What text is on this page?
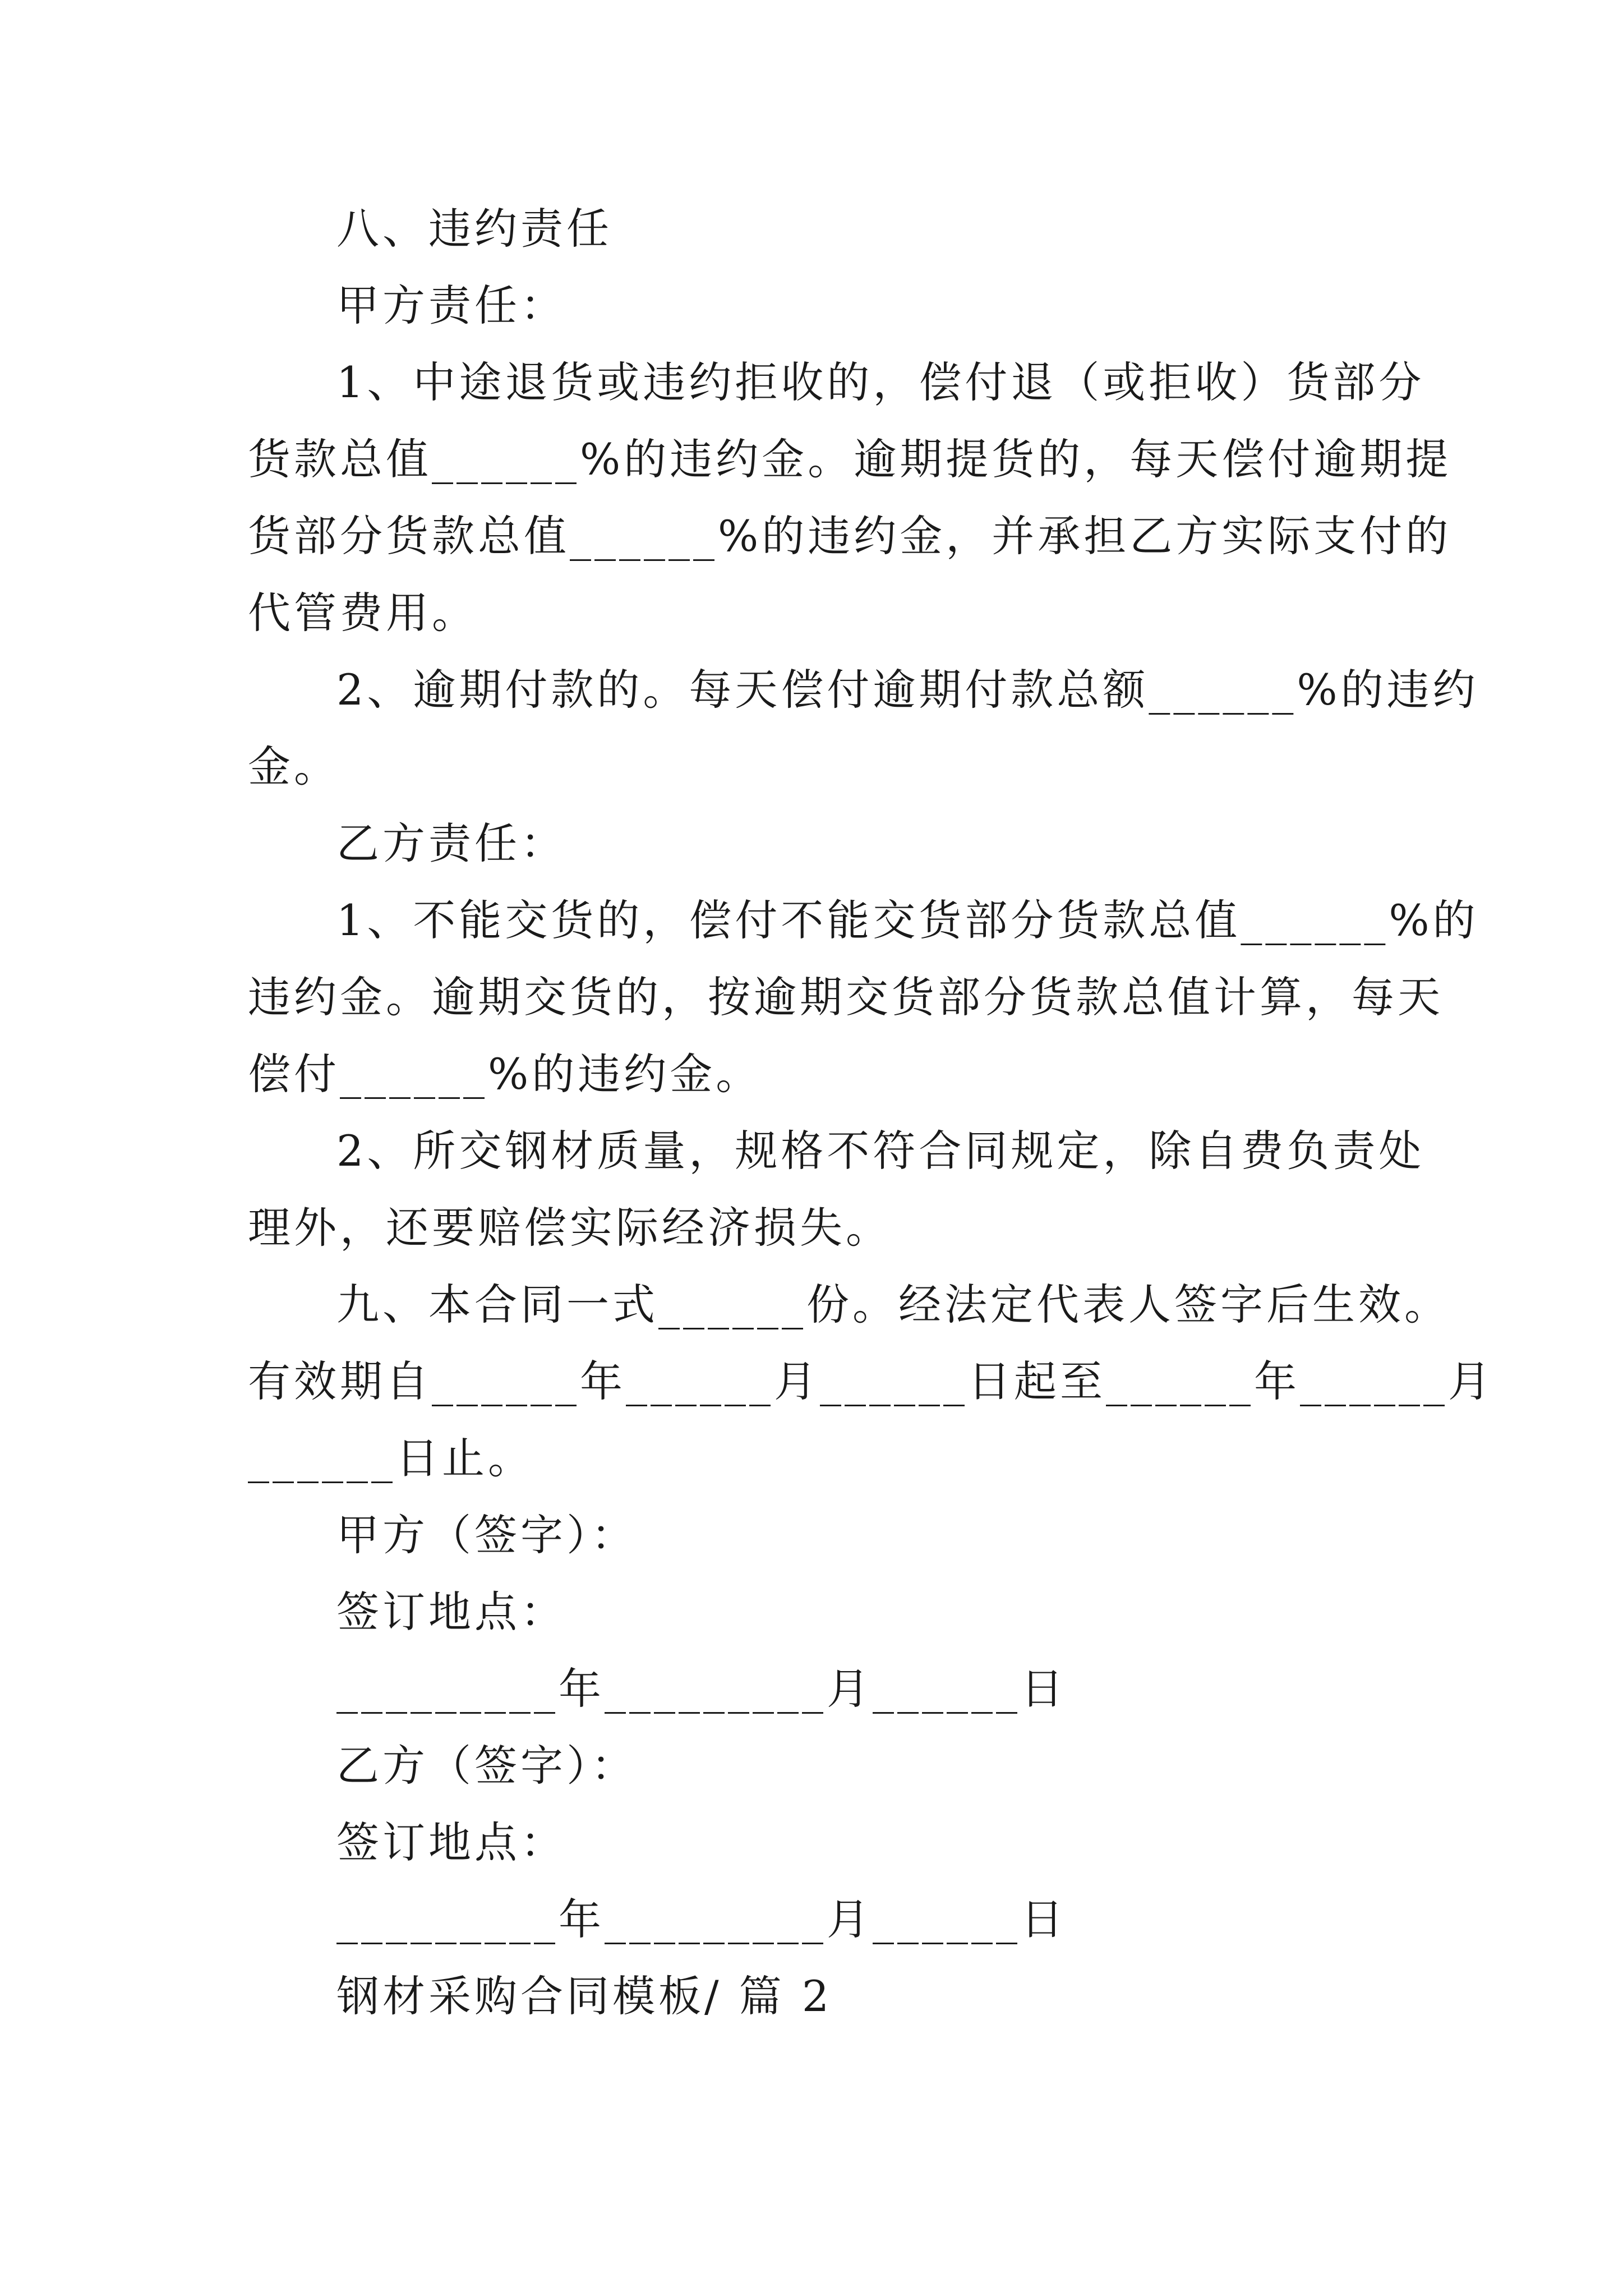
八、违约责任
甲方责任：
1、中途退货或违约拒收的，偿付退（或拒收）货部分
货款总值______%的违约金。逾期提货的，每天偿付逾期提
货部分货款总值______%的违约金，并承担乙方实际支付的
代管费用。
2、逾期付款的。每天偿付逾期付款总额______%的违约
金。
乙方责任：
1、不能交货的，偿付不能交货部分货款总值______%的
违约金。逾期交货的，按逾期交货部分货款总值计算，每天
偿付______%的违约金。
2、所交钢材质量，规格不符合同规定，除自费负责处
理外，还要赔偿实际经济损失。
九、本合同一式______份。经法定代表人签字后生效。
有效期自______年______月______日起至______年______月
______日止。
甲方（签字）：
签订地点：
_________年_________月______日
乙方（签字）：
签订地点：
_________年_________月______日
钢材采购合同模板/ 篇 2
